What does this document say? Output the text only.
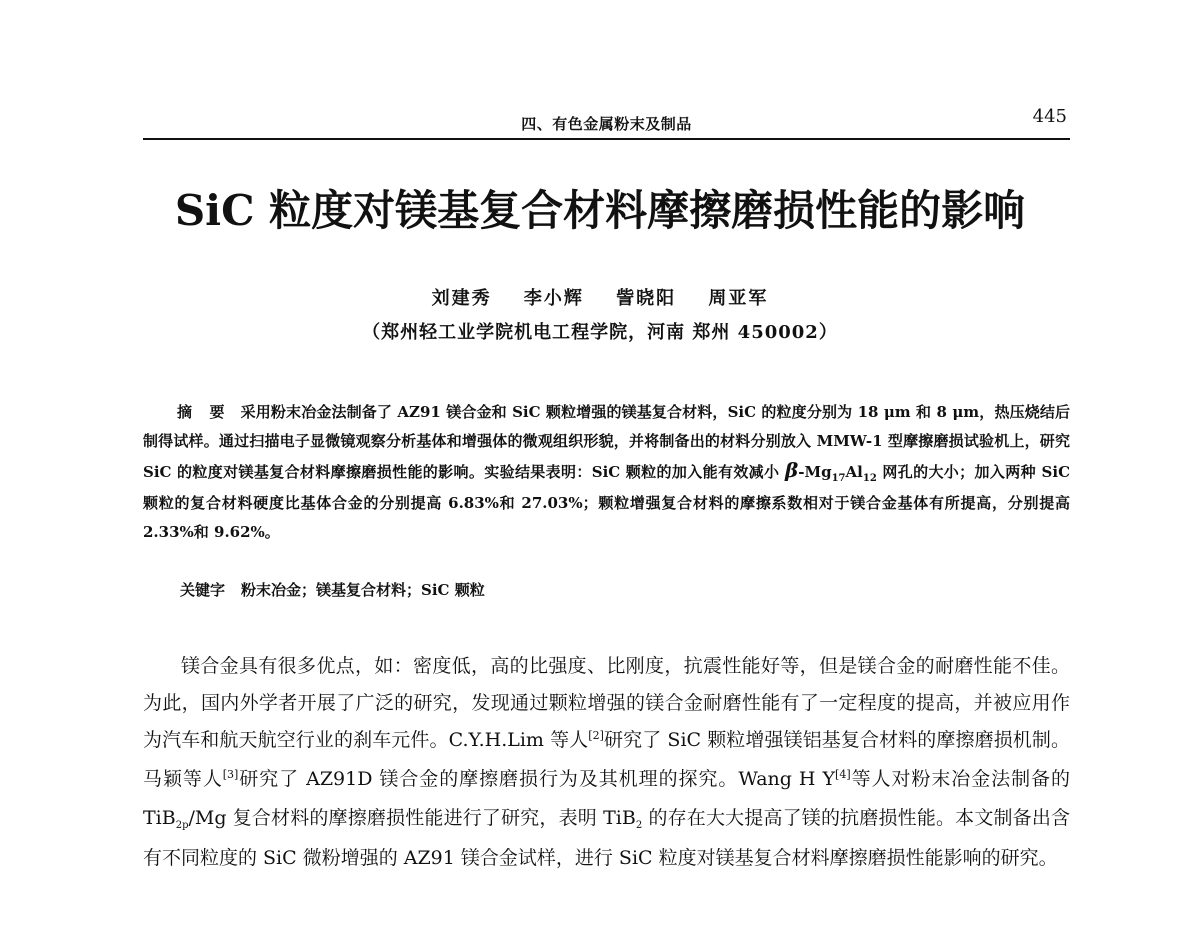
四、有色金属粉末及制品	445
SiC 粒度对镁基复合材料摩擦磨损性能的影响
刘建秀 李小辉 訾晓阳 周亚军
（郑州轻工业学院机电工程学院，河南 郑州 450002）
摘 要 采用粉末冶金法制备了 AZ91 镁合金和 SiC 颗粒增强的镁基复合材料，SiC 的粒度分别为 18 μm 和 8 μm，热压烧结后制得试样。通过扫描电子显微镜观察分析基体和增强体的微观组织形貌，并将制备出的材料分别放入 MMW-1 型摩擦磨损试验机上，研究 SiC 的粒度对镁基复合材料摩擦磨损性能的影响。实验结果表明：SiC 颗粒的加入能有效减小 $\beta-Mg_{17}Al_{12}$ 网孔的大小；加入两种 SiC 颗粒的复合材料硬度比基体合金的分别提高 6.83%和 27.03%；颗粒增强复合材料的摩擦系数相对于镁合金基体有所提高，分别提高 2.33%和 9.62%。
关键字 粉末冶金；镁基复合材料；SiC 颗粒

镁合金具有很多优点，如：密度低，高的比强度、比刚度，抗震性能好等，但是镁合金的耐磨性能不佳。为此，国内外学者开展了广泛的研究，发现通过颗粒增强的镁合金耐磨性能有了一定程度的提高，并被应用作为汽车和航天航空行业的刹车元件。C.Y.H.Lim 等人[2]研究了 SiC 颗粒增强镁铝基复合材料的摩擦磨损机制。马颖等人[3]研究了 AZ91D 镁合金的摩擦磨损行为及其机理的探究。Wang H Y[4]等人对粉末冶金法制备的 TiB$_{2p}$/Mg 复合材料的摩擦磨损性能进行了研究，表明 TiB$_2$ 的存在大大提高了镁的抗磨损性能。本文制备出含有不同粒度的 SiC 微粉增强的 AZ91 镁合金试样，进行 SiC 粒度对镁基复合材料摩擦磨损性能影响的研究。
